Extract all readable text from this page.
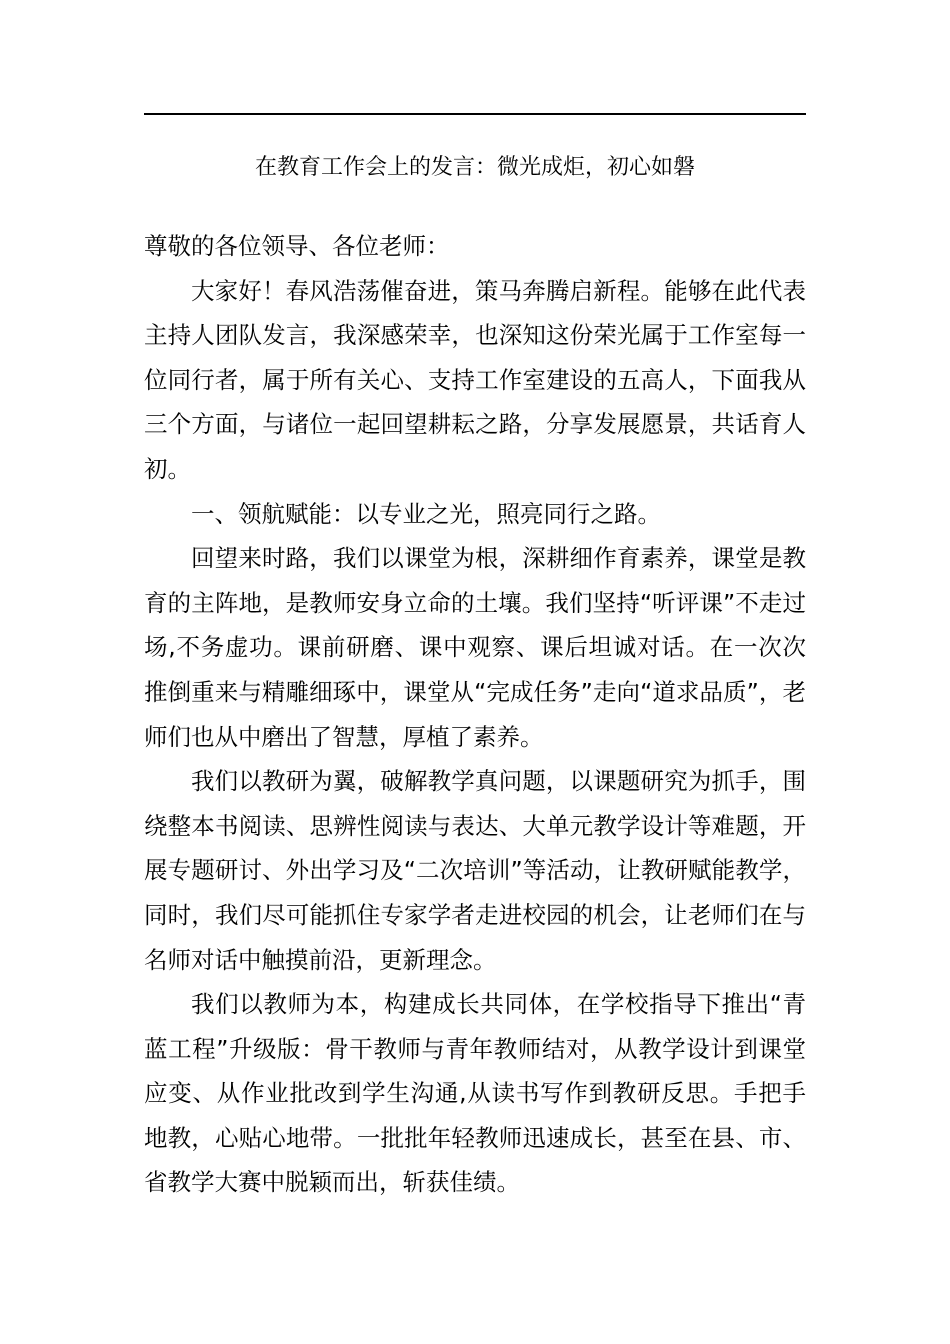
在教育工作会上的发言：微光成炬，初心如磐

尊敬的各位领导、各位老师：

大家好！春风浩荡催奋进，策马奔腾启新程。能够在此代表主持人团队发言，我深感荣幸，也深知这份荣光属于工作室每一位同行者，属于所有关心、支持工作室建设的五高人，下面我从三个方面，与诸位一起回望耕耘之路，分享发展愿景，共话育人初。

一、领航赋能：以专业之光，照亮同行之路。

回望来时路，我们以课堂为根，深耕细作育素养，课堂是教育的主阵地，是教师安身立命的土壤。我们坚持“听评课”不走过场,不务虚功。课前研磨、课中观察、课后坦诚对话。在一次次推倒重来与精雕细琢中，课堂从“完成任务”走向“道求品质”，老师们也从中磨出了智慧，厚植了素养。

我们以教研为翼，破解教学真问题，以课题研究为抓手，围绕整本书阅读、思辨性阅读与表达、大单元教学设计等难题，开展专题研讨、外出学习及“二次培训”等活动，让教研赋能教学，同时，我们尽可能抓住专家学者走进校园的机会，让老师们在与名师对话中触摸前沿，更新理念。

我们以教师为本，构建成长共同体，在学校指导下推出“青蓝工程”升级版：骨干教师与青年教师结对，从教学设计到课堂应变、从作业批改到学生沟通,从读书写作到教研反思。手把手地教，心贴心地带。一批批年轻教师迅速成长，甚至在县、市、省教学大赛中脱颖而出，斩获佳绩。
